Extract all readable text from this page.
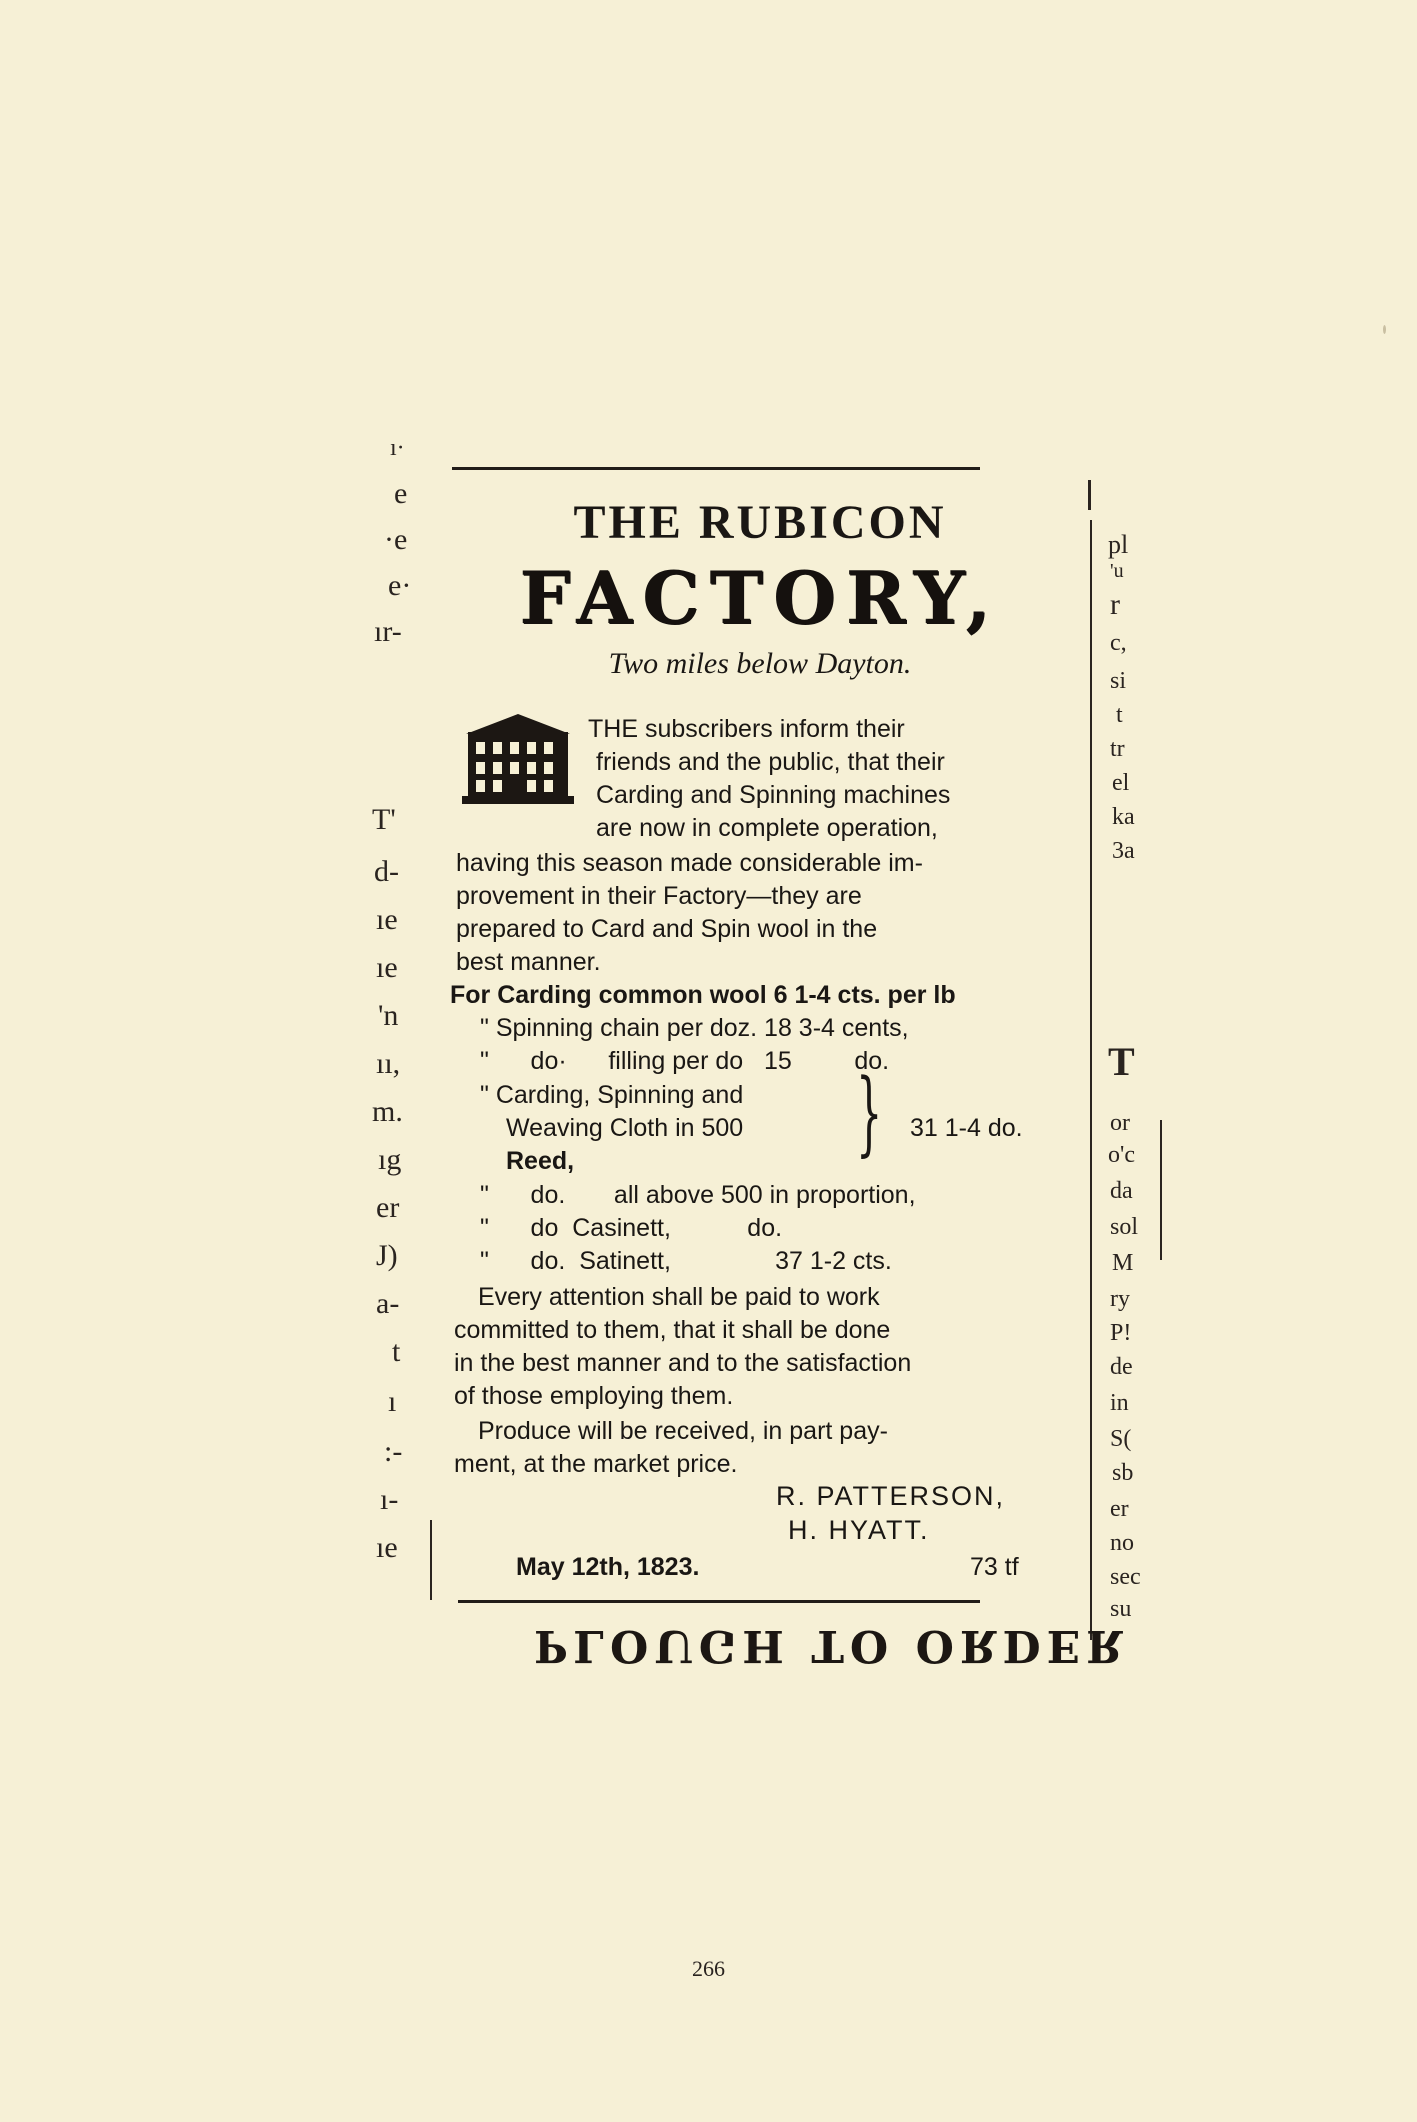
ı·
e
·e
e·
ır-
T'
d-
ıe
ıe
'n
ıı,
m.
ıg
er
J)
a-
t
ı
:-
ı-
ıe
pl
'u
r
c,
si
t
tr
el
ka
3a
T
or
o'c
da
sol
M
ry
P!
de
in
S(
sb
er
no
sec
su
THE RUBICON
FACTORY,
Two miles below Dayton.
THE subscribers inform their
friends and the public, that their
Carding and Spinning machines
are now in complete operation,
having this season made considerable im-
provement in their Factory—they are
prepared to Card and Spin wool in the
best manner.
For Carding common wool 6 1-4 cts. per lb
" Spinning chain per doz. 18 3-4 cents,
"      do·      filling per do   15         do.
" Carding, Spinning and
Weaving Cloth in 500
Reed,	} 31 1-4 do.
"      do.       all above 500 in proportion,
"      do  Casinett,           do.
"      do.  Satinett,               37 1-2 cts.
Every attention shall be paid to work
committed to them, that it shall be done
in the best manner and to the satisfaction
of those employing them.
Produce will be received, in part pay-
ment, at the market price.
R. PATTERSON,
H. HYATT.
May 12th, 1823.	73 tf
PLOUGH TO ORDER
266
